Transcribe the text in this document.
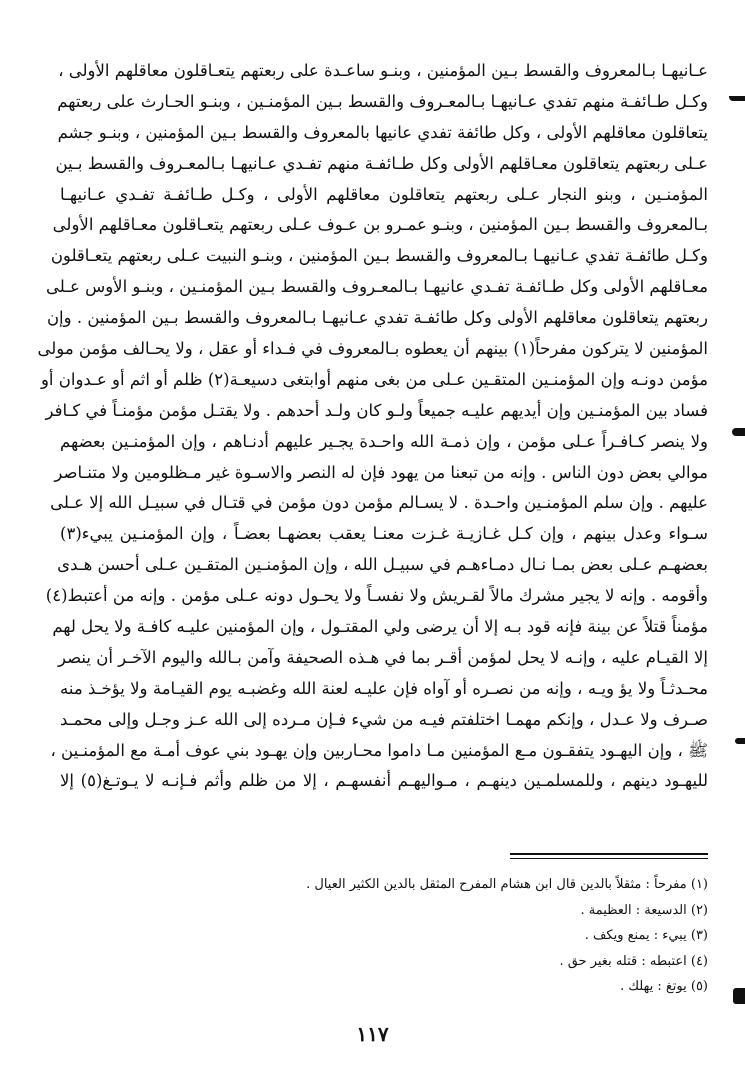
عـانيهـا بـالمعروف والقسط بـين المؤمنين ، وبنـو ساعـدة على ربعتهم يتعـاقلون معاقلهم الأولى ،
وكـل طـائفـة منهم تفدي عـانيهـا بـالمعـروف والقسط بـين المؤمنـين ، وبنـو الحـارث على ربعتهم
يتعاقلون معاقلهم الأولى ، وكل طائفة تفدي عانيها بالمعروف والقسط بـين المؤمنين ، وبنـو جشم
عـلى ربعتهم يتعاقلون معـاقلهم الأولى وكل طـائفـة منهم تفـدي عـانيهـا بـالمعـروف والقسط بـين
المؤمنـين ، وبنو النجار عـلى ربعتهم يتعاقلون معاقلهم الأولى ، وكـل طـائفـة تفـدي عـانيهـا
بـالمعروف والقسط بـين المؤمنين ، وبنـو عمـرو بن عـوف عـلى ربعتهم يتعـاقلون معـاقلهم الأولى
وكـل طائفـة تفدي عـانيهـا بـالمعروف والقسط بـين المؤمنين ، وبنـو النبيت عـلى ربعتهم يتعـاقلون
معـاقلهم الأولى وكل طـائفـة تفـدي عانيهـا بـالمعـروف والقسط بـين المؤمنـين ، وبنـو الأوس عـلى
ربعتهم يتعاقلون معاقلهم الأولى وكل طائفـة تفدي عـانيهـا بـالمعروف والقسط بـين المؤمنين . وإن
المؤمنين لا يتركون مفرحاً(١) بينهم أن يعطوه بـالمعروف في فـداء أو عقل ، ولا يحـالف مؤمن مولى
مؤمن دونـه وإن المؤمنـين المتقـين عـلى من بغى منهم أوابتغى دسيعـة(٢) ظلم أو اثم أو عـدوان أو
فساد بين المؤمنـين وإن أيديهم عليـه جميعاً ولـو كان ولـد أحدهم . ولا يقتـل مؤمن مؤمنـاً في كـافر
ولا ينصر كـافـراً عـلى مؤمن ، وإن ذمـة الله واحـدة يجـير عليهم أدنـاهم ، وإن المؤمنـين بعضهم
موالي بعض دون الناس . وإنه من تبعنا من يهود فإن له النصر والاسـوة غير مـظلومين ولا متنـاصر
عليهم . وإن سلم المؤمنـين واحـدة . لا يسـالم مؤمن دون مؤمن في قتـال في سبيـل الله إلا عـلى
سـواء وعدل بينهم ، وإن كـل غـازيـة غـزت معنـا يعقب بعضهـا بعضـاً ، وإن المؤمنـين يبيء(٣)
بعضهـم عـلى بعض بمـا نـال دمـاءهـم في سبيـل الله ، وإن المؤمنـين المتقـين عـلى أحسن هـدى
وأقومه . وإنه لا يجير مشرك مالاً لقـريش ولا نفسـاً ولا يحـول دونه عـلى مؤمن . وإنه من أعتبط(٤)
مؤمناً قتلاً عن بينة فإنه قود بـه إلا أن يرضى ولي المقتـول ، وإن المؤمنين عليـه كافـة ولا يحل لهم
إلا القيـام عليه ، وإنـه لا يحل لمؤمن أقـر بما في هـذه الصحيفة وآمن بـالله واليوم الآخـر أن ينصر
محـدثـاً ولا يؤ ويـه ، وإنه من نصـره أو آواه فإن عليـه لعنة الله وغضبـه يوم القيـامة ولا يؤخـذ منه
صـرف ولا عـدل ، وإنكم مهمـا اختلفتم فيـه من شيء فـإن مـرده إلى الله عـز وجـل وإلى محمـد
ﷺ ، وإن اليهـود يتفقـون مـع المؤمنين مـا داموا محـاربين وإن يهـود بني عوف أمـة مع المؤمنـين ،
لليهـود دينهم ، وللمسلمـين دينهـم ، مـواليهـم أنفسهـم ، إلا من ظلم وأثم فـإنـه لا يـوتـغ(٥) إلا
(١) مفرحاً : مثقلاً بالدين قال ابن هشام المفرح المثقل بالدين الكثير العيال .
(٢) الدسيعة : العظيمة .
(٣) يبيء : يمنع ويكف .
(٤) اعتبطه : قتله بغير حق .
(٥) يوتغ : يهلك .
١١٧
